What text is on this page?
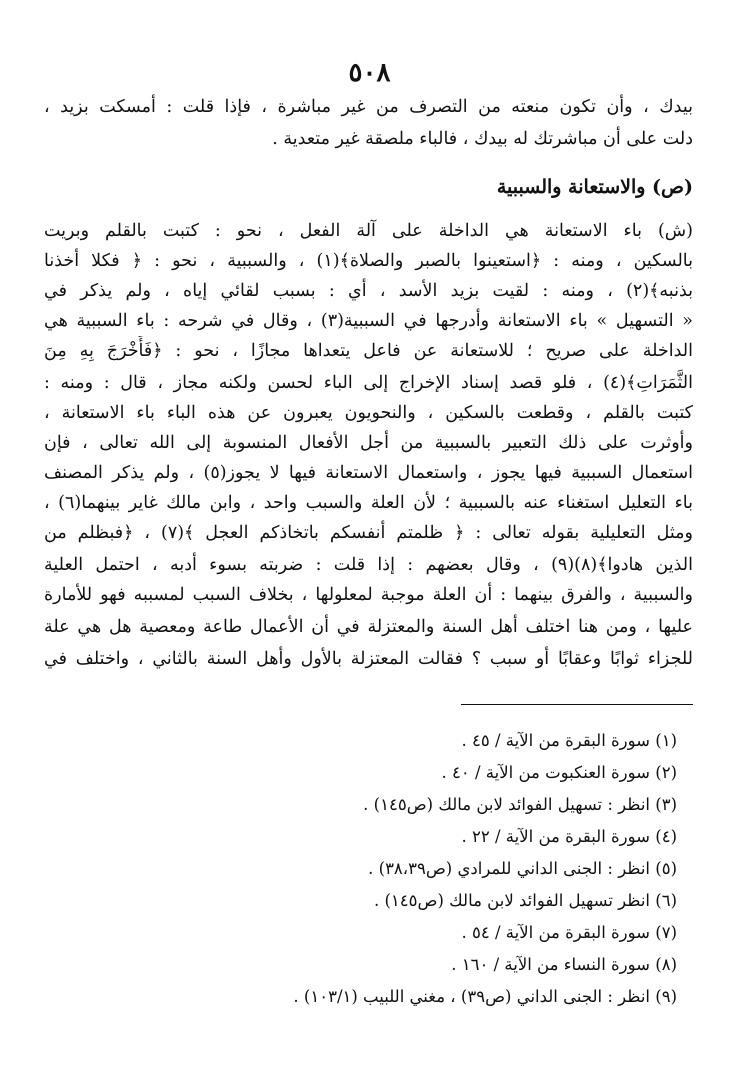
٥٠٨
بيدك ، وأن تكون منعته من التصرف من غير مباشرة ، فإذا قلت : أمسكت بزيد ،
دلت على أن مباشرتك له بيدك ، فالباء ملصقة غير متعدية .
(ص) والاستعانة والسببية
(ش) باء الاستعانة هي الداخلة على آلة الفعل ، نحو : كتبت بالقلم وبريت
بالسكين ، ومنه : ﴿استعينوا بالصبر والصلاة﴾(١) ، والسببية ، نحو : ﴿ فكلا أخذنا
بذنبه﴾(٢) ، ومنه : لقيت بزيد الأسد ، أي : بسبب لقائي إياه ، ولم يذكر في
« التسهيل » باء الاستعانة وأدرجها في السببية(٣) ، وقال في شرحه : باء السببية هي
الداخلة على صريح ؛ للاستعانة عن فاعل يتعداها مجازًا ، نحو : ﴿فَأَخْرَجَ بِهِ مِنَ
الثَّمَرَاتِ﴾(٤) ، فلو قصد إسناد الإخراج إلى الباء لحسن ولكنه مجاز ، قال : ومنه :
كتبت بالقلم ، وقطعت بالسكين ، والنحويون يعبرون عن هذه الباء باء الاستعانة ،
وأوثرت على ذلك التعبير بالسببية من أجل الأفعال المنسوبة إلى الله تعالى ، فإن
استعمال السببية فيها يجوز ، واستعمال الاستعانة فيها لا يجوز(٥) ، ولم يذكر المصنف
باء التعليل استغناء عنه بالسببية ؛ لأن العلة والسبب واحد ، وابن مالك غاير بينهما(٦) ،
ومثل التعليلية بقوله تعالى : ﴿ ظلمتم أنفسكم باتخاذكم العجل ﴾(٧) ، ﴿فبظلم من
الذين هادوا﴾(٨)(٩) ، وقال بعضهم : إذا قلت : ضربته بسوء أدبه ، احتمل العلية
والسببية ، والفرق بينهما : أن العلة موجبة لمعلولها ، بخلاف السبب لمسببه فهو للأمارة
عليها ، ومن هنا اختلف أهل السنة والمعتزلة في أن الأعمال طاعة ومعصية هل هي علة
للجزاء ثوابًا وعقابًا أو سبب ؟ فقالت المعتزلة بالأول وأهل السنة بالثاني ، واختلف في
(١) سورة البقرة من الآية / ٤٥ .
(٢) سورة العنكبوت من الآية / ٤٠ .
(٣) انظر : تسهيل الفوائد لابن مالك (ص١٤٥) .
(٤) سورة البقرة من الآية / ٢٢ .
(٥) انظر : الجنى الداني للمرادي (ص٣٨،٣٩) .
(٦) انظر تسهيل الفوائد لابن مالك (ص١٤٥) .
(٧) سورة البقرة من الآية / ٥٤ .
(٨) سورة النساء من الآية / ١٦٠ .
(٩) انظر : الجنى الداني (ص٣٩) ، مغني اللبيب (١٠٣/١) .
